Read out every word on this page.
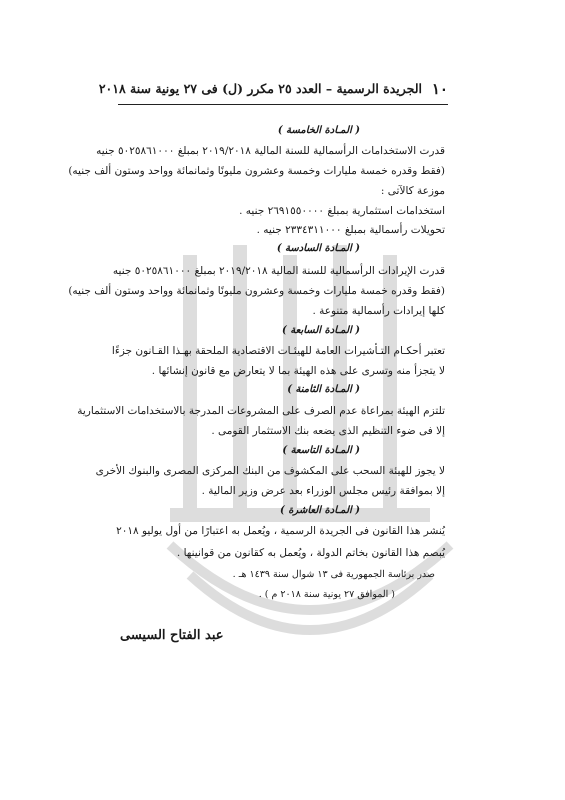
١٠
الجريدة الرسمية – العدد ٢٥ مكرر (ل) فى ٢٧ يونية سنة ٢٠١٨
( المـادة الخامسة )
قدرت الاستخدامات الرأسمالية للسنة المالية ٢٠١٩/٢٠١٨ بمبلغ ٥٠٢٥٨٦١٠٠٠ جنيه
(فقط وقدره خمسة مليارات وخمسة وعشرون مليونًا وثمانمائة وواحد وستون ألف جنيه)
موزعة كالآتى :
استخدامات استثمارية بمبلغ ٢٦٩١٥٥٠٠٠٠ جنيه .
تحويلات رأسمالية بمبلغ ٢٣٣٤٣١١٠٠٠ جنيه .
( المـادة السادسة )
قدرت الإيرادات الرأسمالية للسنة المالية ٢٠١٩/٢٠١٨ بمبلغ ٥٠٢٥٨٦١٠٠٠ جنيه
(فقط وقدره خمسة مليارات وخمسة وعشرون مليونًا وثمانمائة وواحد وستون ألف جنيه)
كلها إيرادات رأسمالية متنوعة .
( المـادة السابعة )
تعتبر أحكـام التـأشيرات العامة للهيئـات الاقتصادية الملحقة بهـذا القـانون جزءًا
لا يتجزأ منه وتسرى على هذه الهيئة بما لا يتعارض مع قانون إنشائها .
( المـادة الثامنة )
تلتزم الهيئة بمراعاة عدم الصرف على المشروعات المدرجة بالاستخدامات الاستثمارية
إلا فى ضوء التنظيم الذى يضعه بنك الاستثمار القومى .
( المـادة التاسعة )
لا يجوز للهيئة السحب على المكشوف من البنك المركزى المصرى والبنوك الأخرى
إلا بموافقة رئيس مجلس الوزراء بعد عرض وزير المالية .
( المـادة العاشرة )
يُنشر هذا القانون فى الجريدة الرسمية ، ويُعمل به اعتبارًا من أول يوليو ٢٠١٨
يُبصم هذا القانون بخاتم الدولة ، ويُعمل به كقانون من قوانينها .
صدر برئاسة الجمهورية فى ١٣ شوال سنة ١٤٣٩ هـ .
( الموافق ٢٧ يونية سنة ٢٠١٨ م ) .
عبد الفتاح السيسى
